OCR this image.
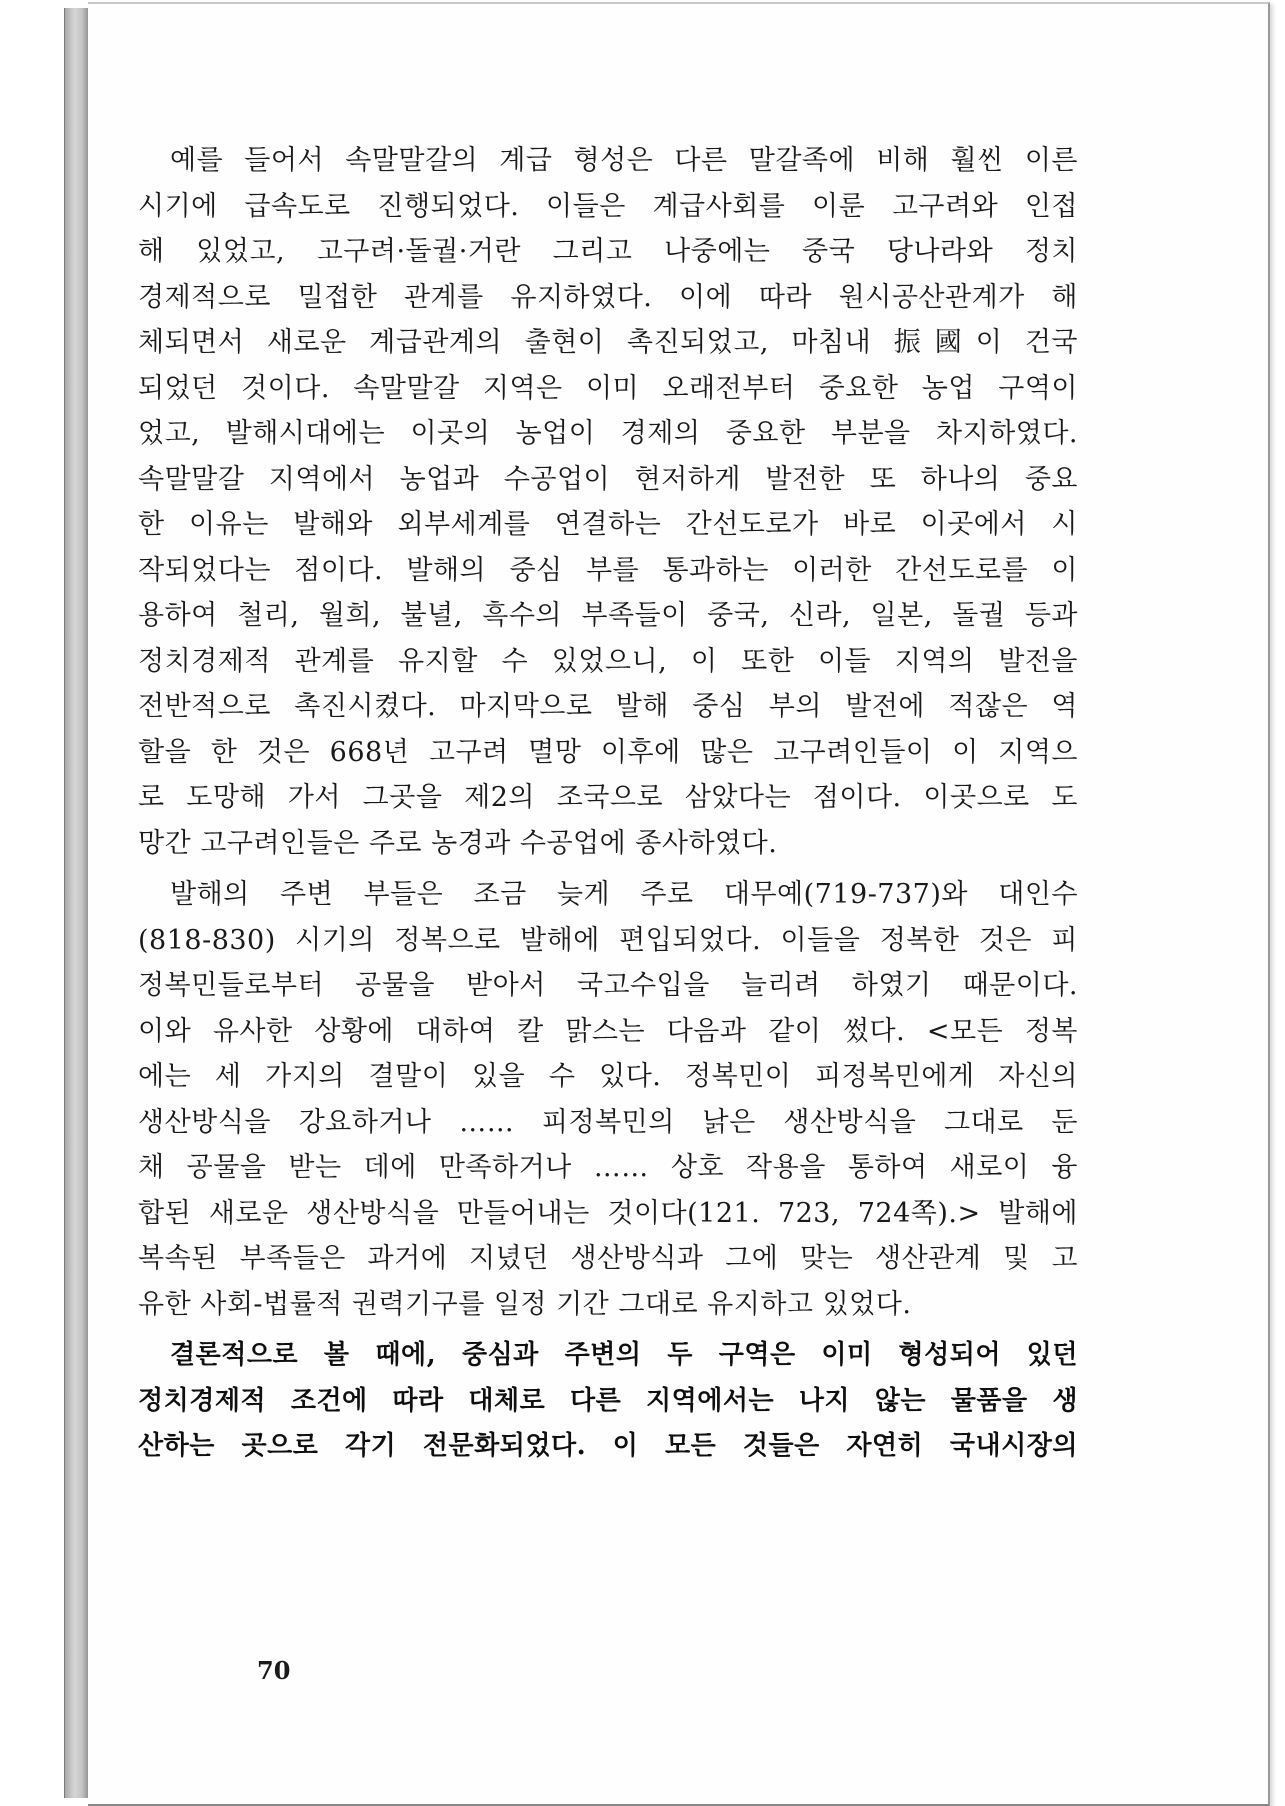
예를 들어서 속말말갈의 계급 형성은 다른 말갈족에 비해 훨씬 이른
시기에 급속도로 진행되었다. 이들은 계급사회를 이룬 고구려와 인접
해 있었고, 고구려·돌궐·거란 그리고 나중에는 중국 당나라와 정치
경제적으로 밀접한 관계를 유지하였다. 이에 따라 원시공산관계가 해
체되면서 새로운 계급관계의 출현이 촉진되었고, 마침내 振國이 건국
되었던 것이다. 속말말갈 지역은 이미 오래전부터 중요한 농업 구역이
었고, 발해시대에는 이곳의 농업이 경제의 중요한 부분을 차지하였다.
속말말갈 지역에서 농업과 수공업이 현저하게 발전한 또 하나의 중요
한 이유는 발해와 외부세계를 연결하는 간선도로가 바로 이곳에서 시
작되었다는 점이다. 발해의 중심 부를 통과하는 이러한 간선도로를 이
용하여 철리, 월희, 불녈, 흑수의 부족들이 중국, 신라, 일본, 돌궐 등과
정치경제적 관계를 유지할 수 있었으니, 이 또한 이들 지역의 발전을
전반적으로 촉진시켰다. 마지막으로 발해 중심 부의 발전에 적잖은 역
할을 한 것은 668년 고구려 멸망 이후에 많은 고구려인들이 이 지역으
로 도망해 가서 그곳을 제2의 조국으로 삼았다는 점이다. 이곳으로 도
망간 고구려인들은 주로 농경과 수공업에 종사하였다.
발해의 주변 부들은 조금 늦게 주로 대무예(719-737)와 대인수
(818-830) 시기의 정복으로 발해에 편입되었다. 이들을 정복한 것은 피
정복민들로부터 공물을 받아서 국고수입을 늘리려 하였기 때문이다.
이와 유사한 상황에 대하여 칼 맑스는 다음과 같이 썼다. <모든 정복
에는 세 가지의 결말이 있을 수 있다. 정복민이 피정복민에게 자신의
생산방식을 강요하거나 …… 피정복민의 낡은 생산방식을 그대로 둔
채 공물을 받는 데에 만족하거나 …… 상호 작용을 통하여 새로이 융
합된 새로운 생산방식을 만들어내는 것이다(121. 723, 724쪽).> 발해에
복속된 부족들은 과거에 지녔던 생산방식과 그에 맞는 생산관계 및 고
유한 사회-법률적 권력기구를 일정 기간 그대로 유지하고 있었다.
결론적으로 볼 때에, 중심과 주변의 두 구역은 이미 형성되어 있던
정치경제적 조건에 따라 대체로 다른 지역에서는 나지 않는 물품을 생
산하는 곳으로 각기 전문화되었다. 이 모든 것들은 자연히 국내시장의
70
